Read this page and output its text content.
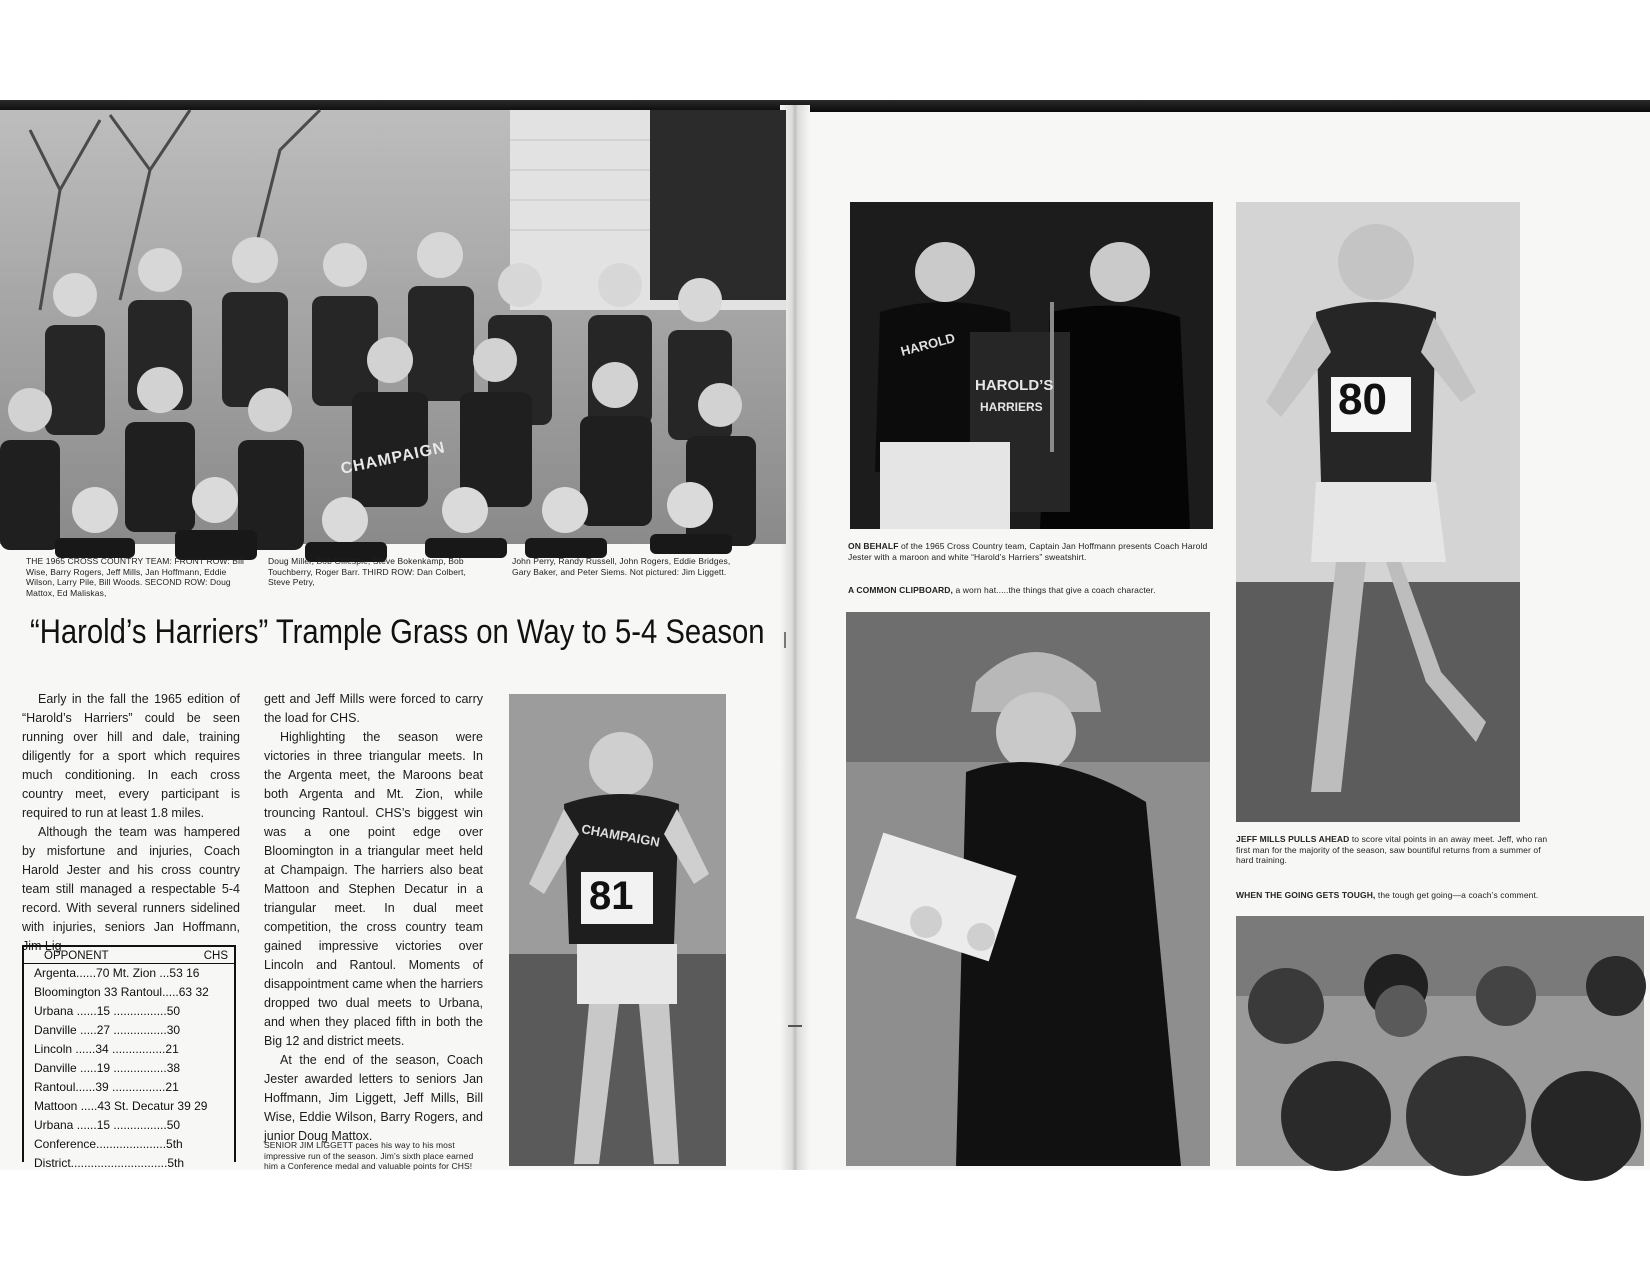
CHAMPAIGN
THE 1965 CROSS COUNTRY TEAM: FRONT ROW: Bill Wise, Barry Rogers, Jeff Mills, Jan Hoffmann, Eddie Wilson, Larry Pile, Bill Woods. SECOND ROW: Doug Mattox, Ed Maliskas,
Doug Miller, Bob Gillespie, Steve Bokenkamp, Bob Touchberry, Roger Barr. THIRD ROW: Dan Colbert, Steve Petry,
John Perry, Randy Russell, John Rogers, Eddie Bridges, Gary Baker, and Peter Siems. Not pictured: Jim Liggett.
“Harold’s Harriers” Trample Grass on Way to 5-4 Season

Early in the fall the 1965 edition of “Harold’s Harriers” could be seen running over hill and dale, training diligently for a sport which requires much conditioning. In each cross country meet, every participant is required to run at least 1.8 miles.

Although the team was hampered by misfortune and injuries, Coach Harold Jester and his cross country team still managed a respectable 5-4 record. With several runners sidelined with injuries, seniors Jan Hoffmann, Jim Lig-

gett and Jeff Mills were forced to carry the load for CHS.

Highlighting the season were victories in three triangular meets. In the Argenta meet, the Maroons beat both Argenta and Mt. Zion, while trouncing Rantoul. CHS’s biggest win was a one point edge over Bloomington in a triangular meet held at Champaign. The harriers also beat Mattoon and Stephen Decatur in a triangular meet. In dual meet competition, the cross country team gained impressive victories over Lincoln and Rantoul. Moments of disappointment came when the harriers dropped two dual meets to Urbana, and when they placed fifth in both the Big 12 and district meets.

At the end of the season, Coach Jester awarded letters to seniors Jan Hoffmann, Jim Liggett, Jeff Mills, Bill Wise, Eddie Wilson, Barry Rogers, and junior Doug Mattox.

OPPONENT	CHS
Argenta......70 Mt. Zion ...53 16
Bloomington 33 Rantoul.....63 32
Urbana ......15 ................50
Danville .....27 ................30
Lincoln ......34 ................21
Danville .....19 ................38
Rantoul......39 ................21
Mattoon .....43 St. Decatur 39 29
Urbana ......15 ................50
Conference.....................5th
District.............................5th
SENIOR JIM LIGGETT paces his way to his most impressive run of the season. Jim’s sixth place earned him a Conference medal and valuable points for CHS!
81
CHAMPAIGN
HAROLD
HAROLD’S
HARRIERS
ON BEHALF of the 1965 Cross Country team, Captain Jan Hoffmann presents Coach Harold Jester with a maroon and white “Harold’s Harriers” sweatshirt.
A COMMON CLIPBOARD, a worn hat.....the things that give a coach character.
80
JEFF MILLS PULLS AHEAD to score vital points in an away meet. Jeff, who ran first man for the majority of the season, saw bountiful returns from a summer of hard training.
WHEN THE GOING GETS TOUGH, the tough get going—a coach’s comment.
